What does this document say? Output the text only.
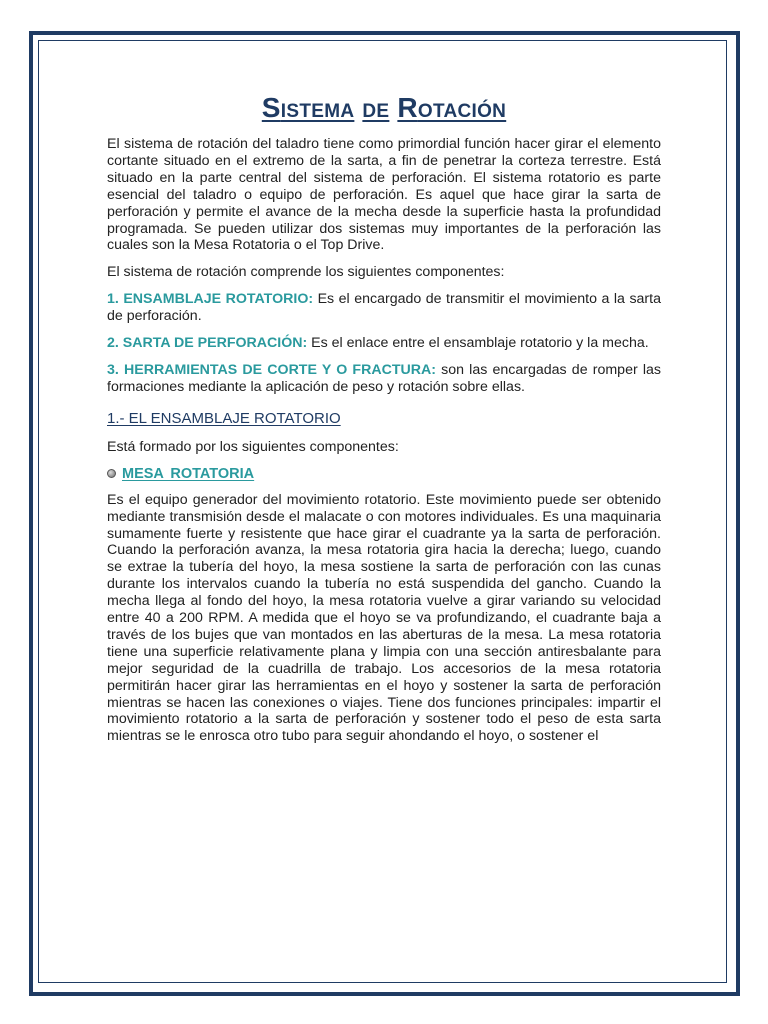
SISTEMA DE ROTACIÓN

El sistema de rotación del taladro tiene como primordial función hacer girar el elemento cortante situado en el extremo de la sarta, a fin de penetrar la corteza terrestre. Está situado en la parte central del sistema de perforación. El sistema rotatorio es parte esencial del taladro o equipo de perforación. Es aquel que hace girar la sarta de perforación y permite el avance de la mecha desde la superficie hasta la profundidad programada. Se pueden utilizar dos sistemas muy importantes de la perforación las cuales son la Mesa Rotatoria o el Top Drive.

El sistema de rotación comprende los siguientes componentes:

1. ENSAMBLAJE ROTATORIO: Es el encargado de transmitir el movimiento a la sarta de perforación.

2. SARTA DE PERFORACIÓN: Es el enlace entre el ensamblaje rotatorio y la mecha.

3. HERRAMIENTAS DE CORTE Y O FRACTURA: son las encargadas de romper las formaciones mediante la aplicación de peso y rotación sobre ellas.

1.- EL ENSAMBLAJE ROTATORIO

Está formado por los siguientes componentes:

MESA ROTATORIA

Es el equipo generador del movimiento rotatorio. Este movimiento puede ser obtenido mediante transmisión desde el malacate o con motores individuales. Es una maquinaria sumamente fuerte y resistente que hace girar el cuadrante ya la sarta de perforación. Cuando la perforación avanza, la mesa rotatoria gira hacia la derecha; luego, cuando se extrae la tubería del hoyo, la mesa sostiene la sarta de perforación con las cunas durante los intervalos cuando la tubería no está suspendida del gancho. Cuando la mecha llega al fondo del hoyo, la mesa rotatoria vuelve a girar variando su velocidad entre 40 a 200 RPM. A medida que el hoyo se va profundizando, el cuadrante baja a través de los bujes que van montados en las aberturas de la mesa. La mesa rotatoria tiene una superficie relativamente plana y limpia con una sección antiresbalante para mejor seguridad de la cuadrilla de trabajo. Los accesorios de la mesa rotatoria permitirán hacer girar las herramientas en el hoyo y sostener la sarta de perforación mientras se hacen las conexiones o viajes. Tiene dos funciones principales: impartir el movimiento rotatorio a la sarta de perforación y sostener todo el peso de esta sarta mientras se le enrosca otro tubo para seguir ahondando el hoyo, o sostener el
